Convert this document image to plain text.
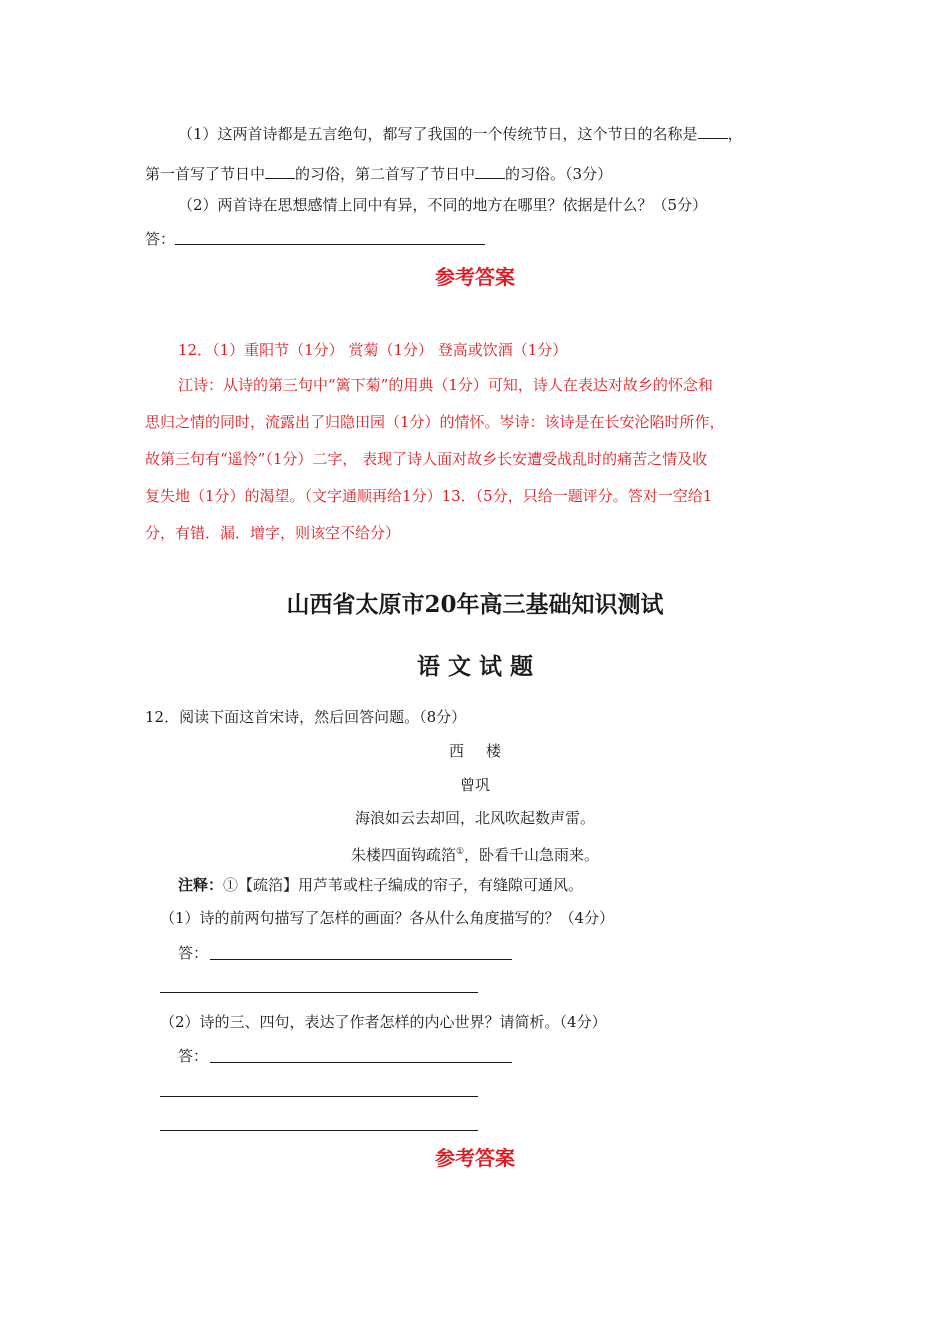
（1）这两首诗都是五言绝句，都写了我国的一个传统节日，这个节日的名称是 ，
第一首写了节日中 的习俗，第二首写了节日中 的习俗。（3分）
（2）两首诗在思想感情上同中有异，不同的地方在哪里？依据是什么？（5分）
答：
参考答案
12．（1）重阳节（1分） 赏菊（1分） 登高或饮酒（1分）
江诗：从诗的第三句中“篱下菊”的用典（1分）可知，诗人在表达对故乡的怀念和
思归之情的同时，流露出了归隐田园（1分）的情怀。岑诗：该诗是在长安沦陷时所作，
故第三句有“遥怜”（1分）二字， 表现了诗人面对故乡长安遭受战乱时的痛苦之情及收
复失地（1分）的渴望。（文字通顺再给1分）13．（5分，只给一题评分。答对一空给1
分，有错．漏．增字，则该空不给分）
山西省太原市20年高三基础知识测试
语 文 试 题
12．阅读下面这首宋诗，然后回答问题。（8分）
西 楼
曾巩
海浪如云去却回，北风吹起数声雷。
朱楼四面钩疏箔①，卧看千山急雨来。
注释：①【疏箔】用芦苇或柱子编成的帘子，有缝隙可通风。
（1）诗的前两句描写了怎样的画面？各从什么角度描写的？（4分）
答：
（2）诗的三、四句，表达了作者怎样的内心世界？请简析。（4分）
答：
参考答案
